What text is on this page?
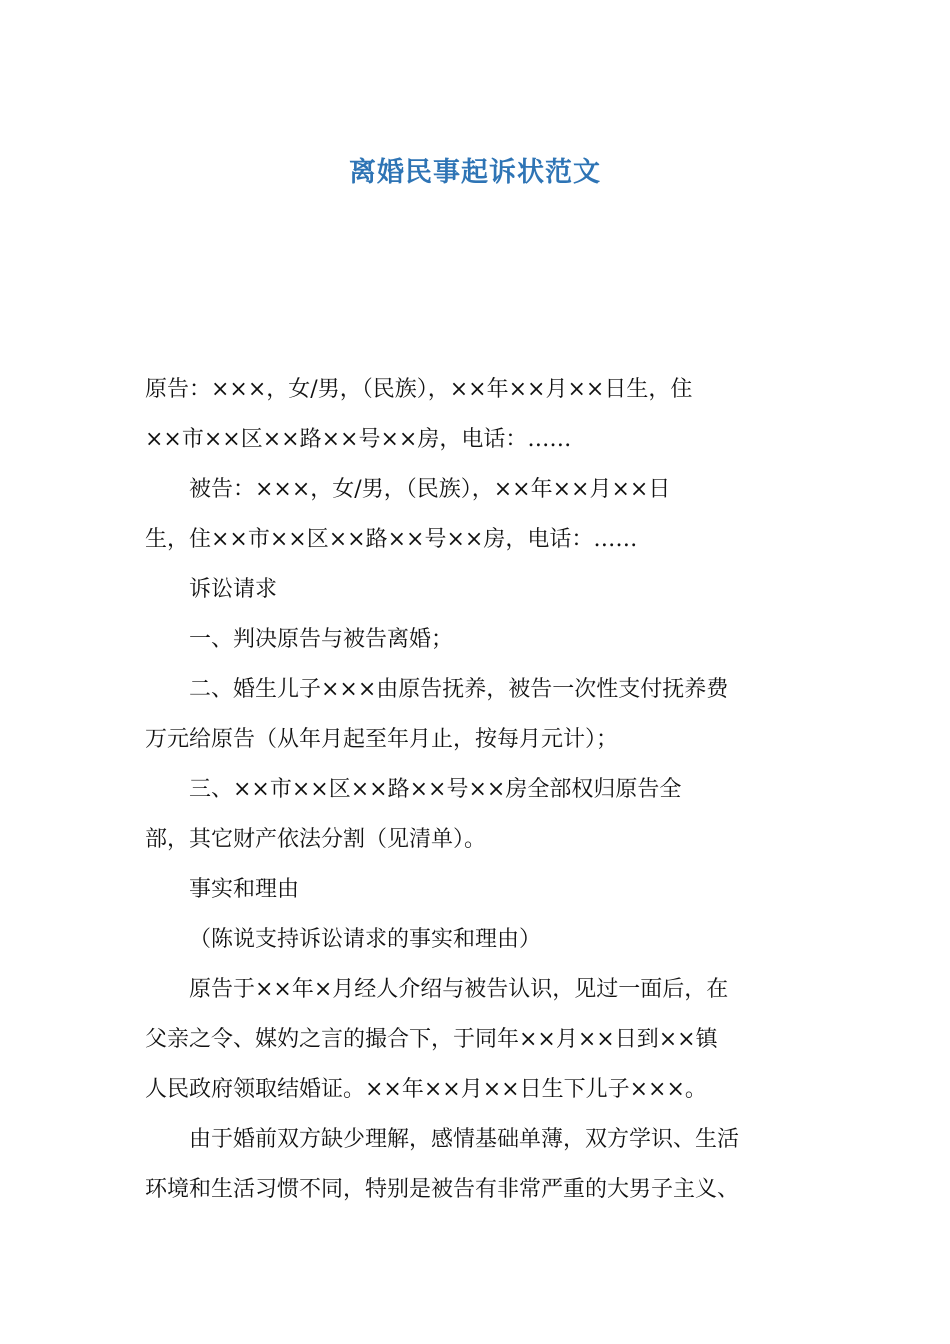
离婚民事起诉状范文

原告：×××，女/男，（民族），××年××月××日生，住
××市××区××路××号××房，电话：……

被告：×××，女/男，（民族），××年××月××日
生，住××市××区××路××号××房，电话：……

诉讼请求

一、判决原告与被告离婚；

二、婚生儿子×××由原告抚养，被告一次性支付抚养费
万元给原告（从年月起至年月止，按每月元计）；

三、××市××区××路××号××房全部权归原告全
部，其它财产依法分割（见清单）。

事实和理由

（陈说支持诉讼请求的事实和理由）

原告于××年×月经人介绍与被告认识，见过一面后，在
父亲之令、媒妁之言的撮合下，于同年××月××日到××镇
人民政府领取结婚证。××年××月××日生下儿子×××。

由于婚前双方缺少理解，感情基础单薄，双方学识、生活
环境和生活习惯不同，特别是被告有非常严重的大男子主义、
